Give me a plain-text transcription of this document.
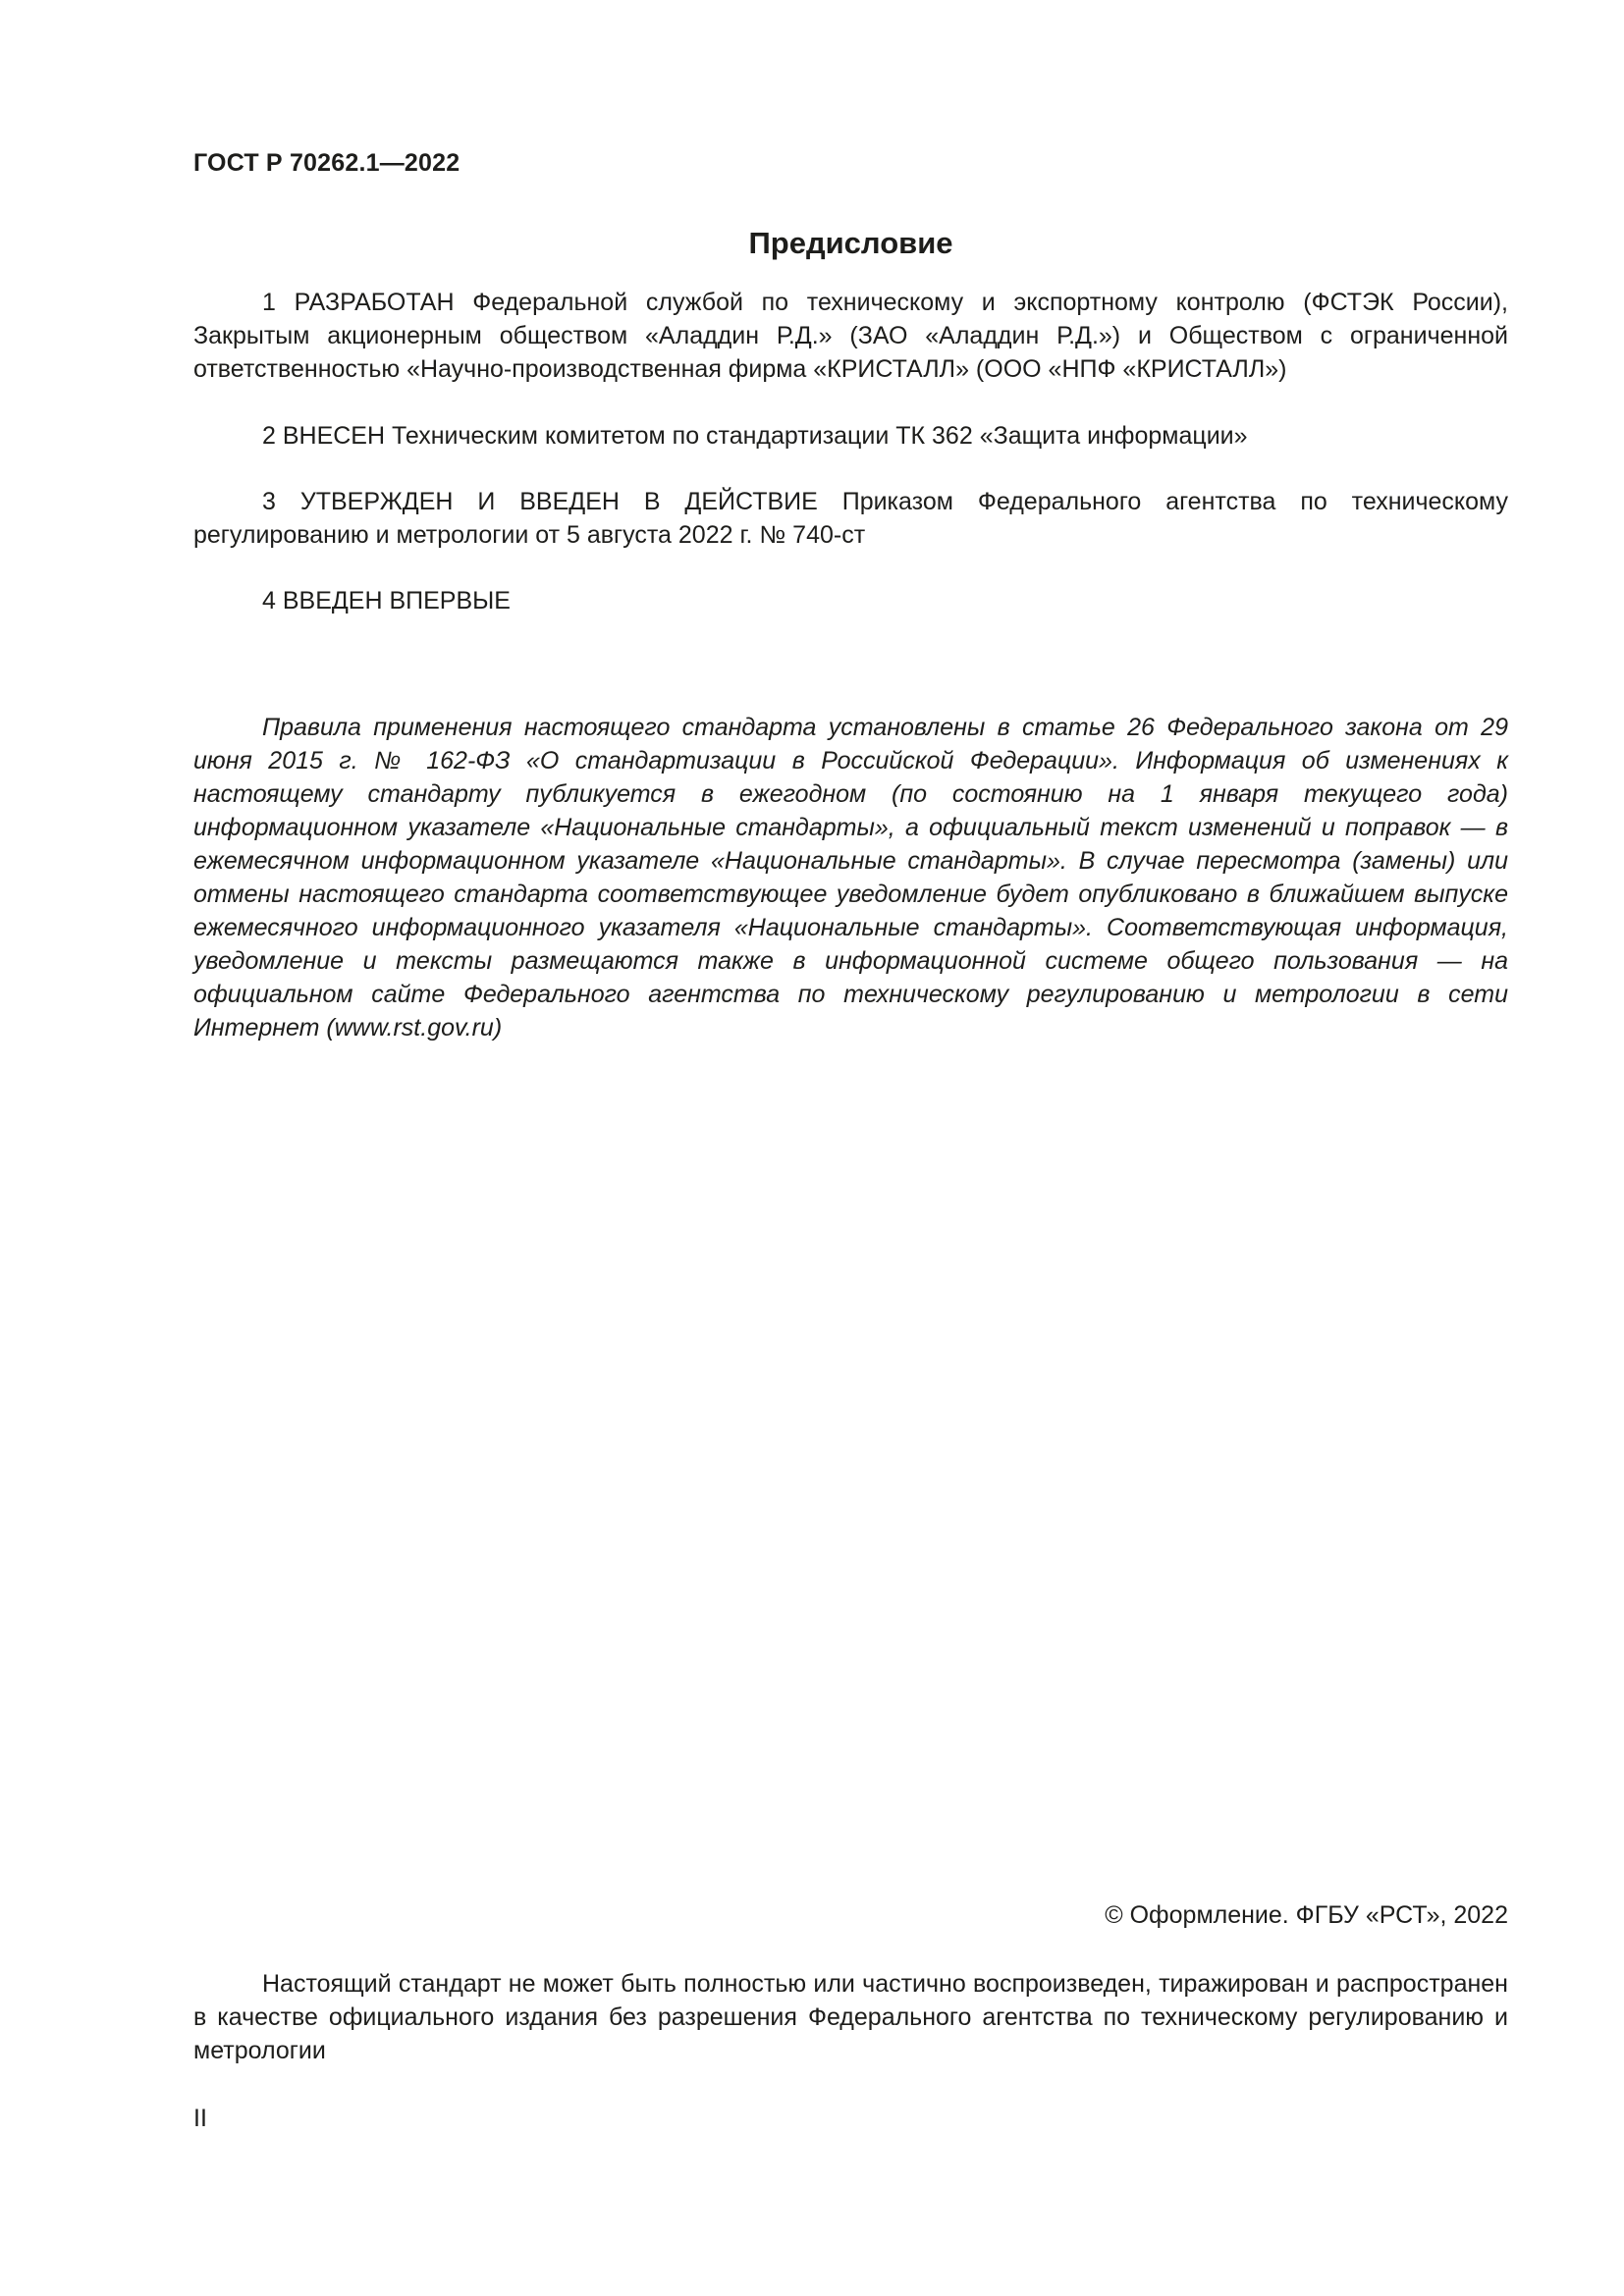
ГОСТ Р 70262.1—2022
Предисловие

1 РАЗРАБОТАН Федеральной службой по техническому и экспортному контролю (ФСТЭК России), Закрытым акционерным обществом «Аладдин Р.Д.» (ЗАО «Аладдин Р.Д.») и Обществом с ограниченной ответственностью «Научно-производственная фирма «КРИСТАЛЛ» (ООО «НПФ «КРИСТАЛЛ»)

2 ВНЕСЕН Техническим комитетом по стандартизации ТК 362 «Защита информации»

3 УТВЕРЖДЕН И ВВЕДЕН В ДЕЙСТВИЕ Приказом Федерального агентства по техническому регулированию и метрологии от 5 августа 2022 г. № 740-ст

4 ВВЕДЕН ВПЕРВЫЕ

Правила применения настоящего стандарта установлены в статье 26 Федерального закона от 29 июня 2015 г. № 162-ФЗ «О стандартизации в Российской Федерации». Информация об изменениях к настоящему стандарту публикуется в ежегодном (по состоянию на 1 января текущего года) информационном указателе «Национальные стандарты», а официальный текст изменений и поправок — в ежемесячном информационном указателе «Национальные стандарты». В случае пересмотра (замены) или отмены настоящего стандарта соответствующее уведомление будет опубликовано в ближайшем выпуске ежемесячного информационного указателя «Национальные стандарты». Соответствующая информация, уведомление и тексты размещаются также в информационной системе общего пользования — на официальном сайте Федерального агентства по техническому регулированию и метрологии в сети Интернет (www.rst.gov.ru)

© Оформление. ФГБУ «РСТ», 2022

Настоящий стандарт не может быть полностью или частично воспроизведен, тиражирован и распространен в качестве официального издания без разрешения Федерального агентства по техническому регулированию и метрологии

II
